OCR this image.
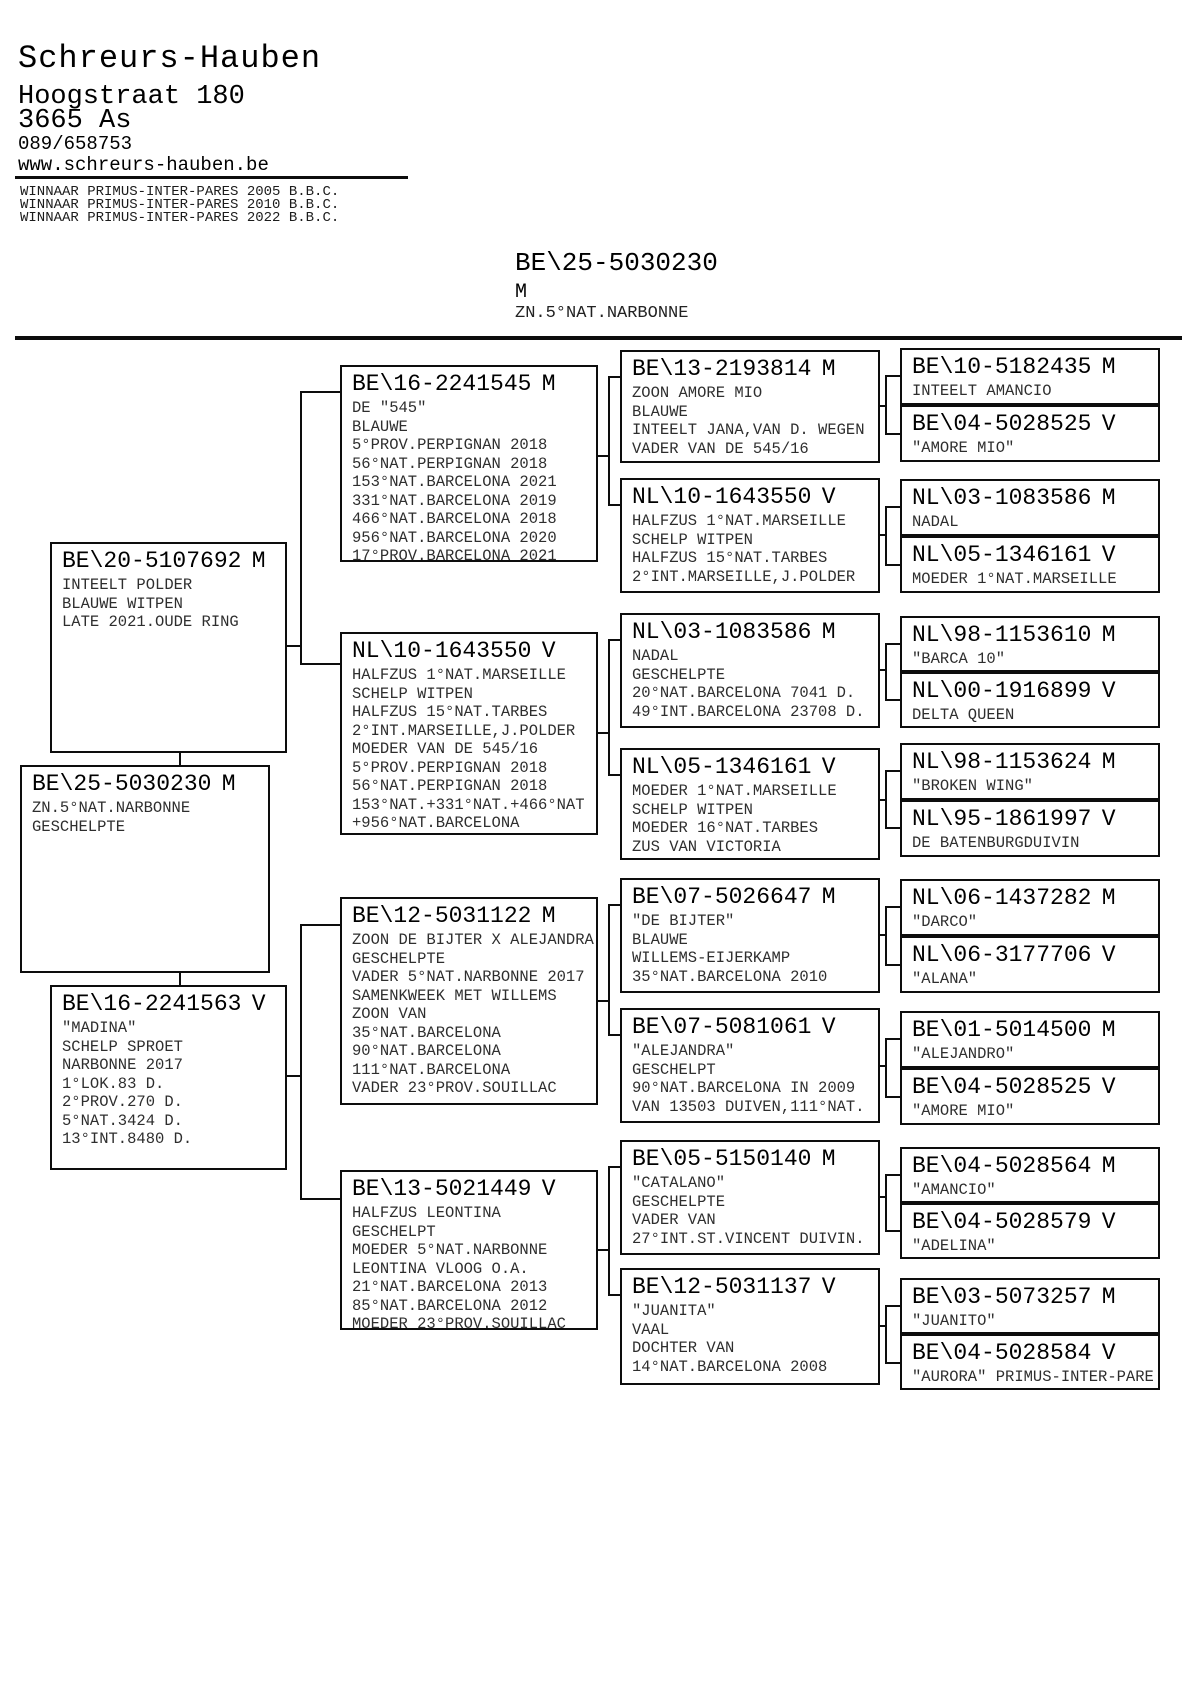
Schreurs-Hauben
Hoogstraat 180
3665 As
089/658753
www.schreurs-hauben.be
WINNAAR PRIMUS-INTER-PARES 2005 B.B.C.
WINNAAR PRIMUS-INTER-PARES 2010 B.B.C.
WINNAAR PRIMUS-INTER-PARES 2022 B.B.C.
BE\25-5030230
M
ZN.5°NAT.NARBONNE
BE\20-5107692 M
INTEELT POLDER
BLAUWE WITPEN
LATE 2021.OUDE RING
BE\25-5030230 M
ZN.5°NAT.NARBONNE
GESCHELPTE
BE\16-2241563 V
"MADINA"
SCHELP SPROET
NARBONNE 2017
1°LOK.83 D.
2°PROV.270 D.
5°NAT.3424 D.
13°INT.8480 D.
BE\16-2241545 M
DE "545"
BLAUWE
5°PROV.PERPIGNAN 2018
56°NAT.PERPIGNAN 2018
153°NAT.BARCELONA 2021
331°NAT.BARCELONA 2019
466°NAT.BARCELONA 2018
956°NAT.BARCELONA 2020
17°PROV.BARCELONA 2021
NL\10-1643550 V
HALFZUS 1°NAT.MARSEILLE
SCHELP WITPEN
HALFZUS 15°NAT.TARBES
2°INT.MARSEILLE,J.POLDER
MOEDER VAN DE 545/16
5°PROV.PERPIGNAN 2018
56°NAT.PERPIGNAN 2018
153°NAT.+331°NAT.+466°NAT
+956°NAT.BARCELONA
BE\12-5031122 M
ZOON DE BIJTER X ALEJANDRA
GESCHELPTE
VADER 5°NAT.NARBONNE 2017
SAMENKWEEK MET WILLEMS
ZOON VAN
35°NAT.BARCELONA
90°NAT.BARCELONA
111°NAT.BARCELONA
VADER 23°PROV.SOUILLAC
BE\13-5021449 V
HALFZUS LEONTINA
GESCHELPT
MOEDER 5°NAT.NARBONNE
LEONTINA VLOOG O.A.
21°NAT.BARCELONA 2013
85°NAT.BARCELONA 2012
MOEDER 23°PROV.SOUILLAC
BE\13-2193814 M
ZOON AMORE MIO
BLAUWE
INTEELT JANA,VAN D. WEGEN
VADER VAN DE 545/16
NL\10-1643550 V
HALFZUS 1°NAT.MARSEILLE
SCHELP WITPEN
HALFZUS 15°NAT.TARBES
2°INT.MARSEILLE,J.POLDER
NL\03-1083586 M
NADAL
GESCHELPTE
20°NAT.BARCELONA 7041 D.
49°INT.BARCELONA 23708 D.
NL\05-1346161 V
MOEDER 1°NAT.MARSEILLE
SCHELP WITPEN
MOEDER 16°NAT.TARBES
ZUS VAN VICTORIA
BE\07-5026647 M
"DE BIJTER"
BLAUWE
WILLEMS-EIJERKAMP
35°NAT.BARCELONA 2010
BE\07-5081061 V
"ALEJANDRA"
GESCHELPT
90°NAT.BARCELONA IN 2009
VAN 13503 DUIVEN,111°NAT.
BE\05-5150140 M
"CATALANO"
GESCHELPTE
VADER VAN
27°INT.ST.VINCENT DUIVIN.
BE\12-5031137 V
"JUANITA"
VAAL
DOCHTER VAN
14°NAT.BARCELONA 2008
BE\10-5182435 M
INTEELT AMANCIO
BE\04-5028525 V
"AMORE MIO"
NL\03-1083586 M
NADAL
NL\05-1346161 V
MOEDER 1°NAT.MARSEILLE
NL\98-1153610 M
"BARCA 10"
NL\00-1916899 V
DELTA QUEEN
NL\98-1153624 M
"BROKEN WING"
NL\95-1861997 V
DE BATENBURGDUIVIN
NL\06-1437282 M
"DARCO"
NL\06-3177706 V
"ALANA"
BE\01-5014500 M
"ALEJANDRO"
BE\04-5028525 V
"AMORE MIO"
BE\04-5028564 M
"AMANCIO"
BE\04-5028579 V
"ADELINA"
BE\03-5073257 M
"JUANITO"
BE\04-5028584 V
"AURORA" PRIMUS-INTER-PARE
